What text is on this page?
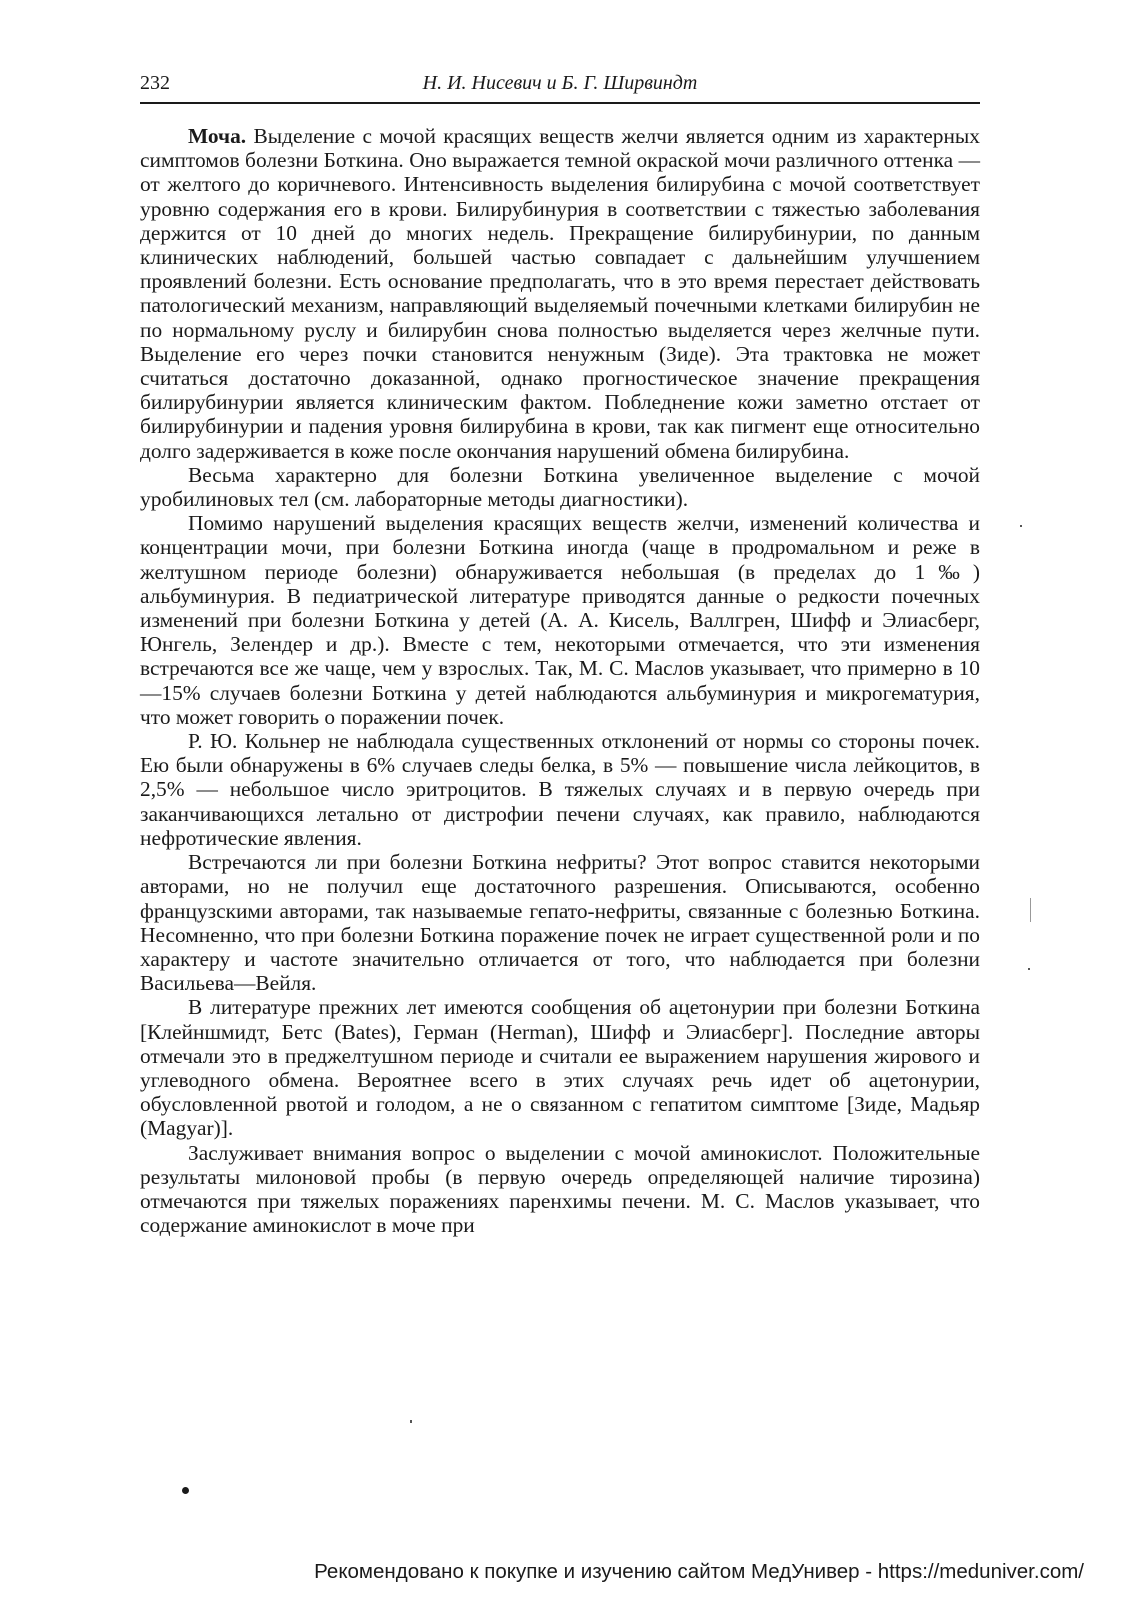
232	Н. И. Нисевич и Б. Г. Ширвиндт

Моча. Выделение с мочой красящих веществ желчи является одним из характерных симптомов болезни Боткина. Оно выражается темной окраской мочи различного оттенка — от желтого до коричневого. Интенсивность выделения билирубина с мочой соответствует уровню содержания его в крови. Билирубинурия в соответствии с тяжестью заболевания держится от 10 дней до многих недель. Прекращение билирубинурии, по данным клинических наблюдений, большей частью совпадает с дальнейшим улучшением проявлений болезни. Есть основание предполагать, что в это время перестает действовать патологический механизм, направляющий выделяемый почечными клетками билирубин не по нормальному руслу и билирубин снова полностью выделяется через желчные пути. Выделение его через почки становится ненужным (Зиде). Эта трактовка не может считаться достаточно доказанной, однако прогностическое значение прекращения билирубинурии является клиническим фактом. Побледнение кожи заметно отстает от билирубинурии и падения уровня билирубина в крови, так как пигмент еще относительно долго задерживается в коже после окончания нарушений обмена билирубина.

Весьма характерно для болезни Боткина увеличенное выделение с мочой уробилиновых тел (см. лабораторные методы диагностики).

Помимо нарушений выделения красящих веществ желчи, изменений количества и концентрации мочи, при болезни Боткина иногда (чаще в продромальном и реже в желтушном периоде болезни) обнаруживается небольшая (в пределах до 1‰) альбуминурия. В педиатрической литературе приводятся данные о редкости почечных изменений при болезни Боткина у детей (А. А. Кисель, Валлгрен, Шифф и Элиасберг, Юнгель, Зелендер и др.). Вместе с тем, некоторыми отмечается, что эти изменения встречаются все же чаще, чем у взрослых. Так, М. С. Маслов указывает, что примерно в 10—15% случаев болезни Боткина у детей наблюдаются альбуминурия и микрогематурия, что может говорить о поражении почек.

Р. Ю. Кольнер не наблюдала существенных отклонений от нормы со стороны почек. Ею были обнаружены в 6% случаев следы белка, в 5% — повышение числа лейкоцитов, в 2,5% — небольшое число эритроцитов. В тяжелых случаях и в первую очередь при заканчивающихся летально от дистрофии печени случаях, как правило, наблюдаются нефротические явления.

Встречаются ли при болезни Боткина нефриты? Этот вопрос ставится некоторыми авторами, но не получил еще достаточного разрешения. Описываются, особенно французскими авторами, так называемые гепато-нефриты, связанные с болезнью Боткина. Несомненно, что при болезни Боткина поражение почек не играет существенной роли и по характеру и частоте значительно отличается от того, что наблюдается при болезни Васильева—Вейля.

В литературе прежних лет имеются сообщения об ацетонурии при болезни Боткина [Клейншмидт, Бетс (Bates), Герман (Herman), Шифф и Элиасберг]. Последние авторы отмечали это в преджелтушном периоде и считали ее выражением нарушения жирового и углеводного обмена. Вероятнее всего в этих случаях речь идет об ацетонурии, обусловленной рвотой и голодом, а не о связанном с гепатитом симптоме [Зиде, Мадьяр (Magyar)].

Заслуживает внимания вопрос о выделении с мочой аминокислот. Положительные результаты милоновой пробы (в первую очередь определяющей наличие тирозина) отмечаются при тяжелых поражениях паренхимы печени. М. С. Маслов указывает, что содержание аминокислот в моче при

Рекомендовано к покупке и изучению сайтом МедУнивер - https://meduniver.com/
